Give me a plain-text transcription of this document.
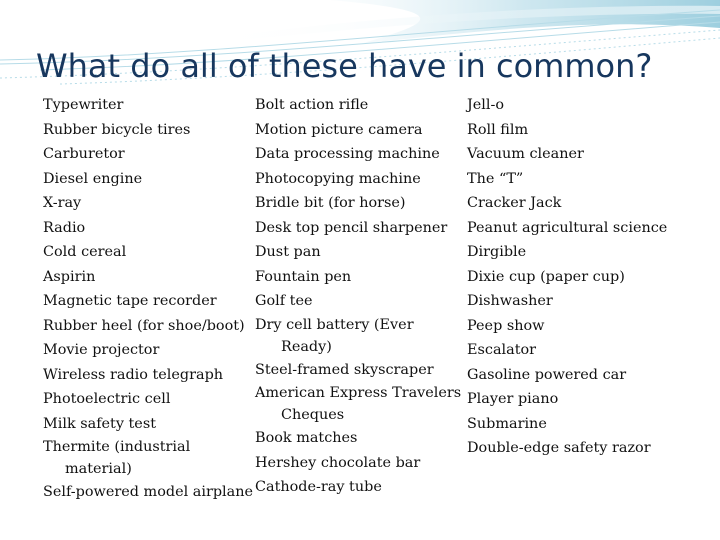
What do all of these have in common?
Typewriter
Rubber bicycle tires
Carburetor
Diesel engine
X-ray
Radio
Cold cereal
Aspirin
Magnetic tape recorder
Rubber heel (for shoe/boot)
Movie projector
Wireless radio telegraph
Photoelectric cell
Milk safety test
Thermite (industrial
material)
Self-powered model airplane
Bolt action rifle
Motion picture camera
Data processing machine
Photocopying machine
Bridle bit (for horse)
Desk top pencil sharpener
Dust pan
Fountain pen
Golf tee
Dry cell battery (Ever
Ready)
Steel-framed skyscraper
American Express Travelers
Cheques
Book matches
Hershey chocolate bar
Cathode-ray tube
Jell-o
Roll film
Vacuum cleaner
The “T”
Cracker Jack
Peanut agricultural science
Dirgible
Dixie cup (paper cup)
Dishwasher
Peep show
Escalator
Gasoline powered car
Player piano
Submarine
Double-edge safety razor
